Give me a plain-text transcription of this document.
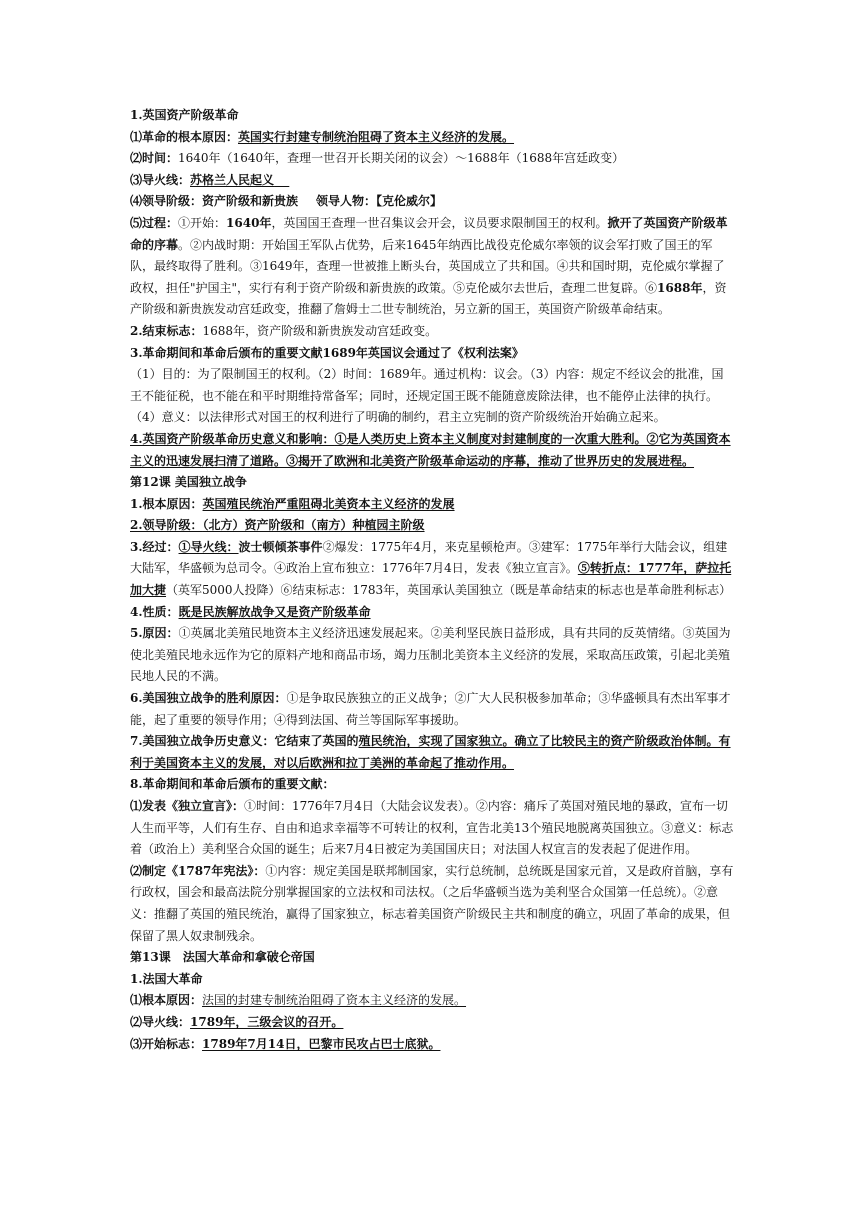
1.英国资产阶级革命

⑴革命的根本原因：英国实行封建专制统治阻碍了资本主义经济的发展。

⑵时间：1640年（1640年，查理一世召开长期关闭的议会）～1688年（1688年宫廷政变）

⑶导火线：苏格兰人民起义

⑷领导阶级：资产阶级和新贵族 领导人物：【克伦威尔】

⑸过程：①开始：1640年，英国国王查理一世召集议会开会，议员要求限制国王的权利。掀开了英国资产阶级革命的序幕。②内战时期：开始国王军队占优势，后来1645年纳西比战役克伦威尔率领的议会军打败了国王的军队，最终取得了胜利。③1649年，查理一世被推上断头台，英国成立了共和国。④共和国时期，克伦威尔掌握了政权，担任"护国主"，实行有利于资产阶级和新贵族的政策。⑤克伦威尔去世后，查理二世复辟。⑥1688年，资产阶级和新贵族发动宫廷政变，推翻了詹姆士二世专制统治，另立新的国王，英国资产阶级革命结束。

2.结束标志：1688年，资产阶级和新贵族发动宫廷政变。

3.革命期间和革命后颁布的重要文献1689年英国议会通过了《权利法案》

（1）目的：为了限制国王的权利。（2）时间：1689年。通过机构：议会。（3）内容：规定不经议会的批准，国王不能征税，也不能在和平时期维持常备军；同时，还规定国王既不能随意废除法律，也不能停止法律的执行。（4）意义：以法律形式对国王的权利进行了明确的制约，君主立宪制的资产阶级统治开始确立起来。

4.英国资产阶级革命历史意义和影响：①是人类历史上资本主义制度对封建制度的一次重大胜利。②它为英国资本主义的迅速发展扫清了道路。③揭开了欧洲和北美资产阶级革命运动的序幕，推动了世界历史的发展进程。

第12课 美国独立战争

1.根本原因：英国殖民统治严重阻碍北美资本主义经济的发展

2.领导阶级：（北方）资产阶级和（南方）种植园主阶级

3.经过：①导火线：波士顿倾茶事件②爆发：1775年4月，来克星顿枪声。③建军：1775年举行大陆会议，组建大陆军，华盛顿为总司令。④政治上宣布独立：1776年7月4日，发表《独立宣言》。⑤转折点：1777年，萨拉托加大捷（英军5000人投降）⑥结束标志：1783年，英国承认美国独立（既是革命结束的标志也是革命胜利标志）

4.性质：既是民族解放战争又是资产阶级革命

5.原因：①英属北美殖民地资本主义经济迅速发展起来。②美利坚民族日益形成，具有共同的反英情绪。③英国为使北美殖民地永远作为它的原料产地和商品市场，竭力压制北美资本主义经济的发展，采取高压政策，引起北美殖民地人民的不满。

6.美国独立战争的胜利原因：①是争取民族独立的正义战争；②广大人民积极参加革命；③华盛顿具有杰出军事才能，起了重要的领导作用；④得到法国、荷兰等国际军事援助。

7.美国独立战争历史意义：它结束了英国的殖民统治，实现了国家独立。确立了比较民主的资产阶级政治体制。有利于美国资本主义的发展，对以后欧洲和拉丁美洲的革命起了推动作用。

8.革命期间和革命后颁布的重要文献：

⑴发表《独立宣言》：①时间：1776年7月4日（大陆会议发表）。②内容：痛斥了英国对殖民地的暴政，宣布一切人生而平等，人们有生存、自由和追求幸福等不可转让的权利，宣告北美13个殖民地脱离英国独立。③意义：标志着（政治上）美利坚合众国的诞生；后来7月4日被定为美国国庆日；对法国人权宣言的发表起了促进作用。

⑵制定《1787年宪法》：①内容：规定美国是联邦制国家，实行总统制，总统既是国家元首，又是政府首脑，享有行政权，国会和最高法院分别掌握国家的立法权和司法权。（之后华盛顿当选为美利坚合众国第一任总统）。②意义：推翻了英国的殖民统治，赢得了国家独立，标志着美国资产阶级民主共和制度的确立，巩固了革命的成果，但保留了黑人奴隶制残余。

第13课　法国大革命和拿破仑帝国

1.法国大革命

⑴根本原因：法国的封建专制统治阻碍了资本主义经济的发展。

⑵导火线：1789年，三级会议的召开。

⑶开始标志：1789年7月14日，巴黎市民攻占巴士底狱。
